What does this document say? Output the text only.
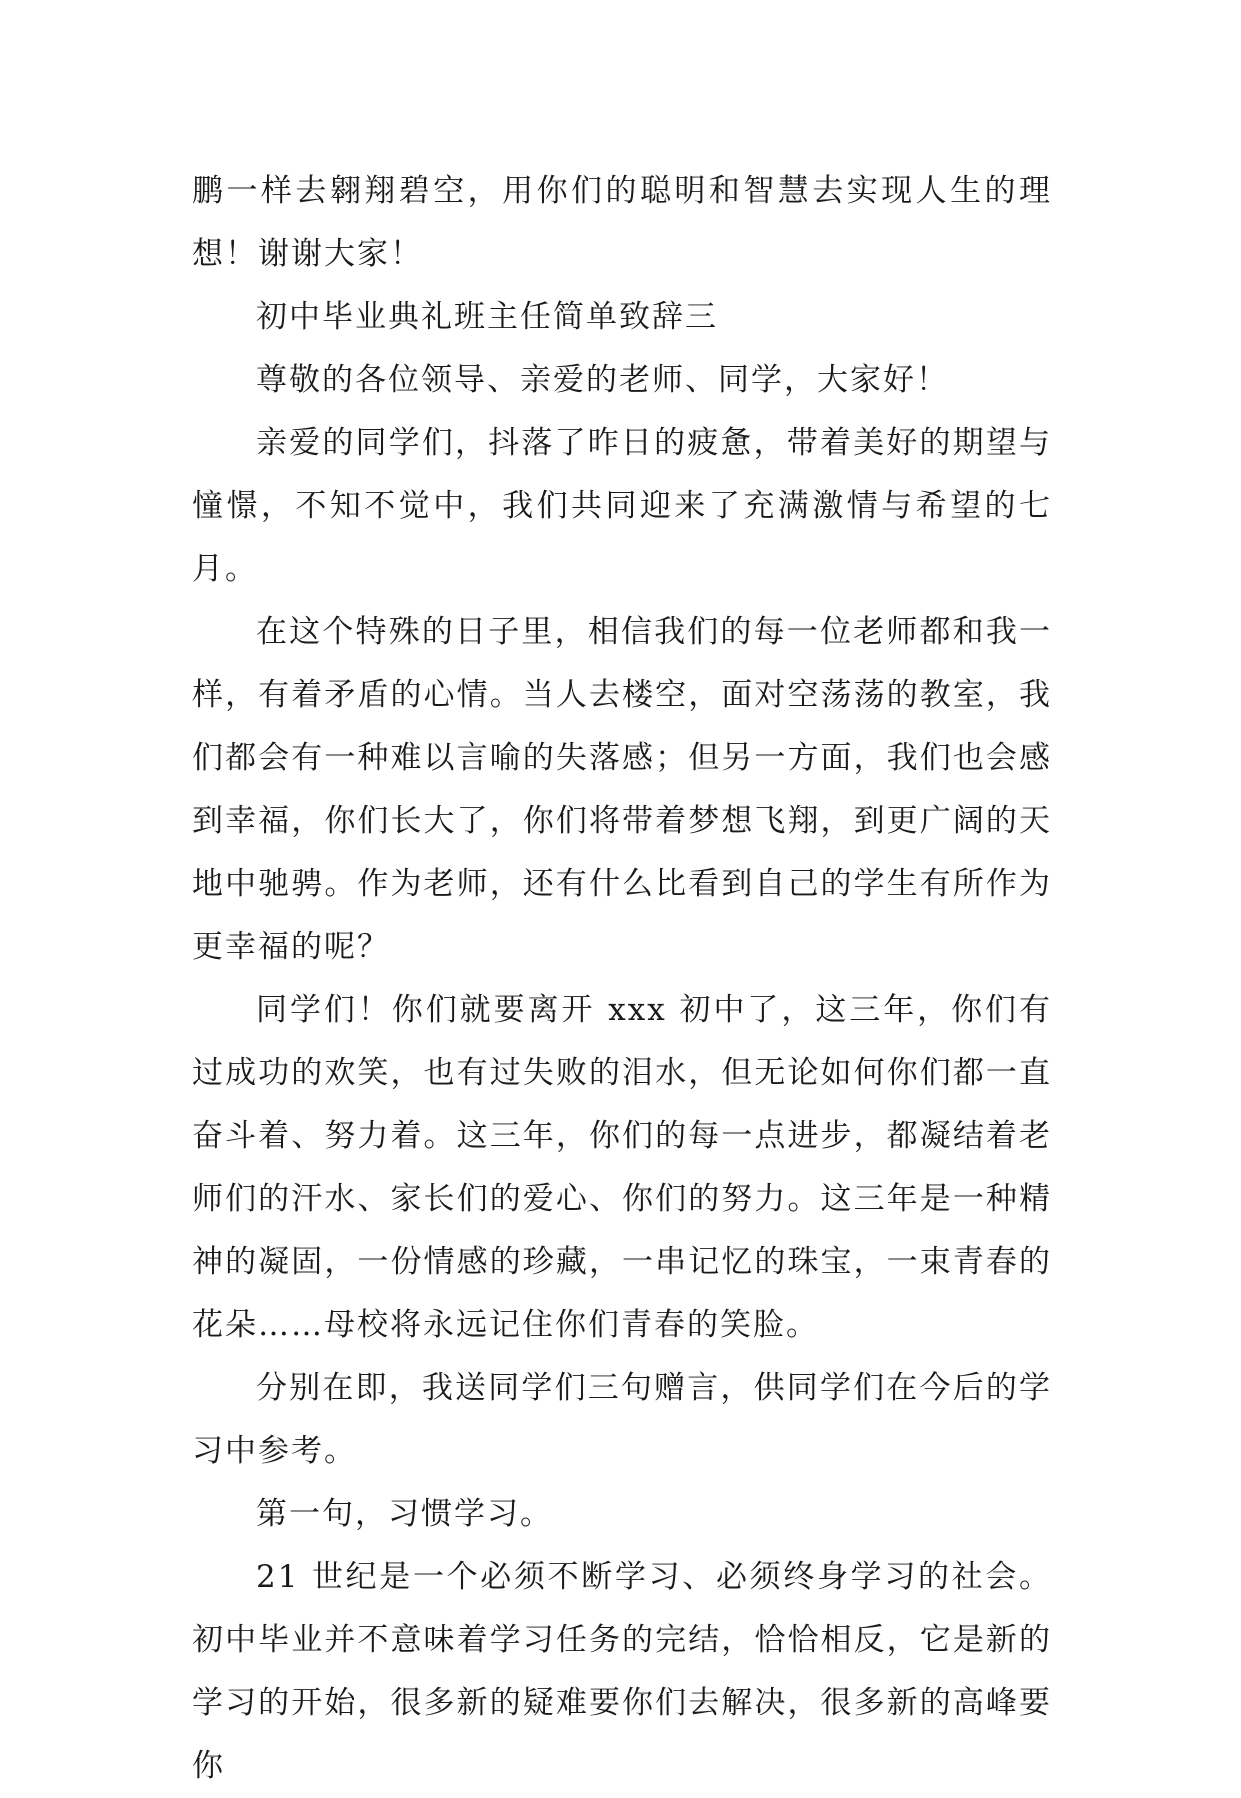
鹏一样去翱翔碧空，用你们的聪明和智慧去实现人生的理想！谢谢大家！

初中毕业典礼班主任简单致辞三

尊敬的各位领导、亲爱的老师、同学，大家好！

亲爱的同学们，抖落了昨日的疲惫，带着美好的期望与憧憬，不知不觉中，我们共同迎来了充满激情与希望的七月。

在这个特殊的日子里，相信我们的每一位老师都和我一样，有着矛盾的心情。当人去楼空，面对空荡荡的教室，我们都会有一种难以言喻的失落感；但另一方面，我们也会感到幸福，你们长大了，你们将带着梦想飞翔，到更广阔的天地中驰骋。作为老师，还有什么比看到自己的学生有所作为更幸福的呢？

同学们！你们就要离开 xxx 初中了，这三年，你们有过成功的欢笑，也有过失败的泪水，但无论如何你们都一直奋斗着、努力着。这三年，你们的每一点进步，都凝结着老师们的汗水、家长们的爱心、你们的努力。这三年是一种精神的凝固，一份情感的珍藏，一串记忆的珠宝，一束青春的花朵……母校将永远记住你们青春的笑脸。

分别在即，我送同学们三句赠言，供同学们在今后的学习中参考。

第一句，习惯学习。

21 世纪是一个必须不断学习、必须终身学习的社会。初中毕业并不意味着学习任务的完结，恰恰相反，它是新的学习的开始，很多新的疑难要你们去解决，很多新的高峰要你
